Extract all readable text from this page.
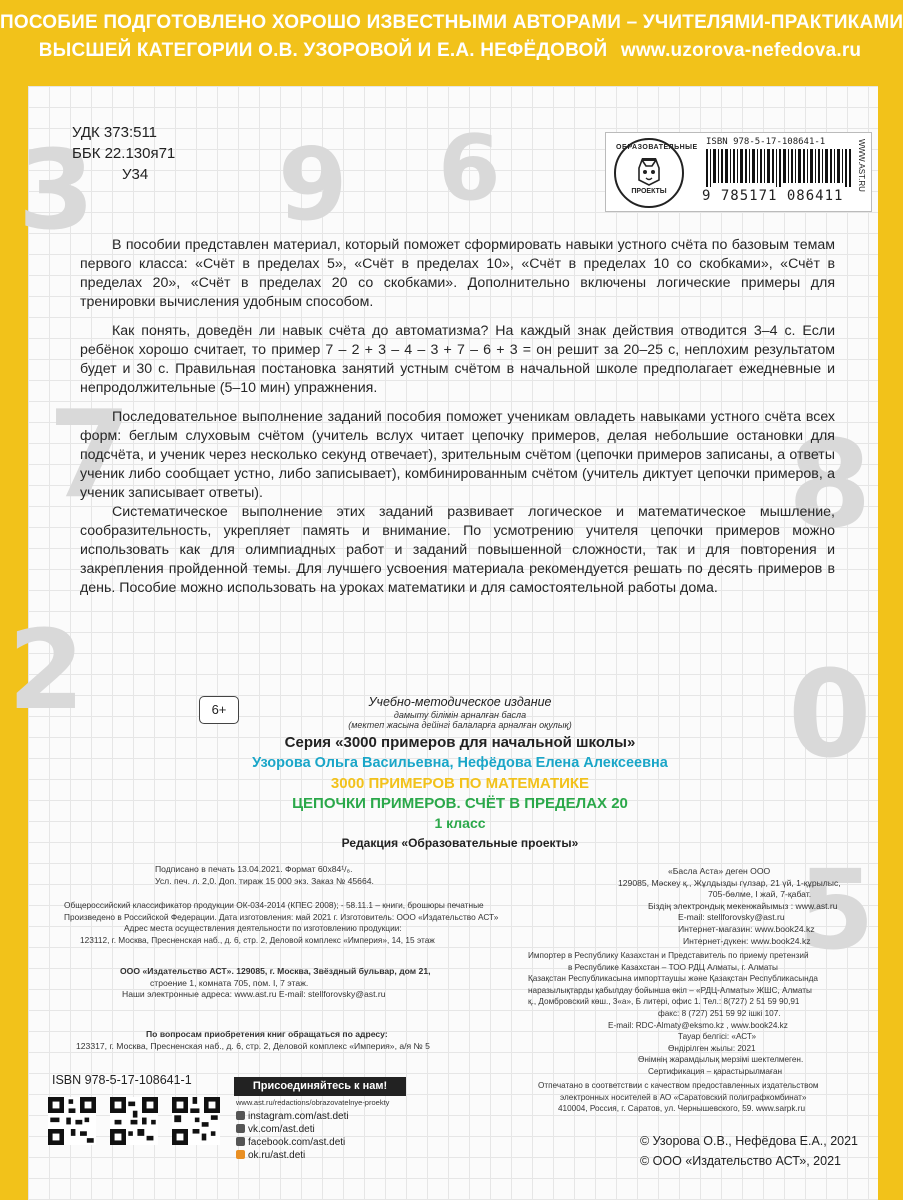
ПОСОБИЕ ПОДГОТОВЛЕНО ХОРОШО ИЗВЕСТНЫМИ АВТОРАМИ – УЧИТЕЛЯМИ-ПРАКТИКАМИ
ВЫСШЕЙ КАТЕГОРИИ О.В. УЗОРОВОЙ И Е.А. НЕФЁДОВОЙ www.uzorova-nefedova.ru
3
7
2
8
0
5
9 6
УДК 373:511
ББК 22.130я71
У34
ОБРАЗОВАТЕЛЬНЫЕ
ПРОЕКТЫ
ISBN 978-5-17-108641-1
9 785171 086411
WWW.AST.RU

В пособии представлен материал, который поможет сформировать навыки устного счёта по базовым темам первого класса: «Счёт в пределах 5», «Счёт в пределах 10», «Счёт в пределах 10 со скобками», «Счёт в пределах 20», «Счёт в пределах 20 со скобками». Дополнительно включены логические примеры для тренировки вычисления удобным способом.

Как понять, доведён ли навык счёта до автоматизма? На каждый знак действия отводится 3–4 с. Если ребёнок хорошо считает, то пример 7 – 2 + 3 – 4 – 3 + 7 – 6 + 3 = он решит за 20–25 с, неплохим результатом будет и 30 с. Правильная постановка занятий устным счётом в начальной школе предполагает ежедневные и непродолжительные (5–10 мин) упражнения.

Последовательное выполнение заданий пособия поможет ученикам овладеть навыками устного счёта всех форм: беглым слуховым счётом (учитель вслух читает цепочку примеров, делая небольшие остановки для подсчёта, и ученик через несколько секунд отвечает), зрительным счётом (цепочки примеров записаны, а ответы ученик либо сообщает устно, либо записывает), комбинированным счётом (учитель диктует цепочки примеров, а ученик записывает ответы).

Систематическое выполнение этих заданий развивает логическое и математическое мышление, сообразительность, укрепляет память и внимание. По усмотрению учителя цепочки примеров можно использовать как для олимпиадных работ и заданий повышенной сложности, так и для повторения и закрепления пройденной темы. Для лучшего усвоения материала рекомендуется решать по десять примеров в день. Пособие можно использовать на уроках математики и для самостоятельной работы дома.

6+	Учебно-методическое издание
дамыту білімін арналған басла
(мектеп жасына дейінгі балаларға арналған оқулық)
Серия «3000 примеров для начальной школы»
Узорова Ольга Васильевна, Нефёдова Елена Алексеевна
3000 ПРИМЕРОВ ПО МАТЕМАТИКЕ
ЦЕПОЧКИ ПРИМЕРОВ. СЧЁТ В ПРЕДЕЛАХ 20
1 класс
Редакция «Образовательные проекты»
Подписано в печать 13.04.2021. Формат 60x84¹/₈.
Усл. печ. л. 2,0. Доп. тираж 15 000 экз. Заказ № 45664.
Общероссийский классификатор продукции ОК-034-2014 (КПЕС 2008); - 58.11.1 – книги, брошюры печатные
Произведено в Российской Федерации. Дата изготовления: май 2021 г. Изготовитель: ООО «Издательство АСТ»
Адрес места осуществления деятельности по изготовлению продукции:
123112, г. Москва, Пресненская наб., д. 6, стр. 2, Деловой комплекс «Империя», 14, 15 этаж
ООО «Издательство АСТ». 129085, г. Москва, Звёздный бульвар, дом 21,
строение 1, комната 705, пом. I, 7 этаж.
Наши электронные адреса: www.ast.ru E-mail: stellforovsky@ast.ru
По вопросам приобретения книг обращаться по адресу:
123317, г. Москва, Пресненская наб., д. 6, стр. 2, Деловой комплекс «Империя», а/я № 5
«Басла Аста» деген ООО
129085, Мәскеу қ., Жұлдызды гүлзар, 21 үй, 1-құрылыс,
705-бөлме, I жай, 7-қабат.
Біздің электрондық мекенжайымыз : www.ast.ru
E-mail: stellforovsky@ast.ru
Интернет-магазин: www.book24.kz
Интернет-дүкен: www.book24.kz
Импортер в Республику Казахстан и Представитель по приему претензий
в Республике Казахстан – ТОО РДЦ Алматы, г. Алматы
Қазақстан Республикасына импорттаушы және Қазақстан Республикасында
наразылықтарды қабылдау бойынша өкіл – «РДЦ-Алматы» ЖШС, Алматы
қ., Домбровский көш., 3«а», Б литері, офис 1. Тел.: 8(727) 2 51 59 90,91
факс: 8 (727) 251 59 92 ішкі 107.
E-mail: RDC-Almaty@eksmo.kz , www.book24.kz
Тауар белгісі: «АСТ»
Өндірілген жылы: 2021
Өнімнің жарамдылық мерзімі шектелмеген.
Сертификация – қарастырылмаған
Отпечатано в соответствии с качеством предоставленных издательством
электронных носителей в АО «Саратовский полиграфкомбинат»
410004, Россия, г. Саратов, ул. Чернышевского, 59. www.sarpk.ru
ISBN 978-5-17-108641-1	Присоединяйтесь к нам!
www.ast.ru/redactions/obrazovatelnye-proekty
instagram.com/ast.deti
vk.com/ast.deti
facebook.com/ast.deti
ok.ru/ast.deti
© Узорова О.В., Нефёдова Е.А., 2021
© ООО «Издательство АСТ», 2021
